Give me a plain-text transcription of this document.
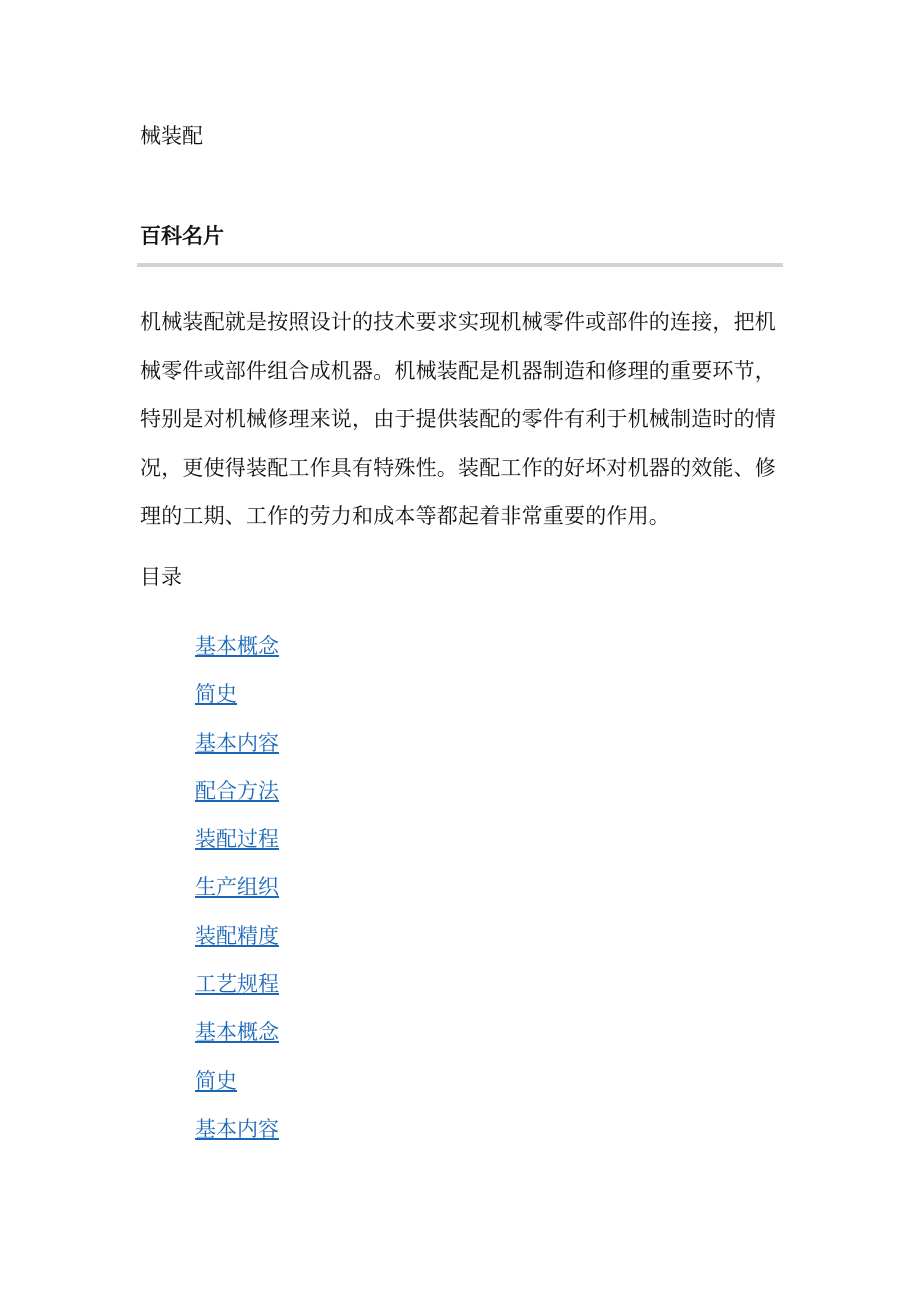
械装配
百科名片
机械装配就是按照设计的技术要求实现机械零件或部件的连接，把机
械零件或部件组合成机器。机械装配是机器制造和修理的重要环节，
特别是对机械修理来说，由于提供装配的零件有利于机械制造时的情
况，更使得装配工作具有特殊性。装配工作的好坏对机器的效能、修
理的工期、工作的劳力和成本等都起着非常重要的作用。
目录
基本概念
简史
基本内容
配合方法
装配过程
生产组织
装配精度
工艺规程
基本概念
简史
基本内容
